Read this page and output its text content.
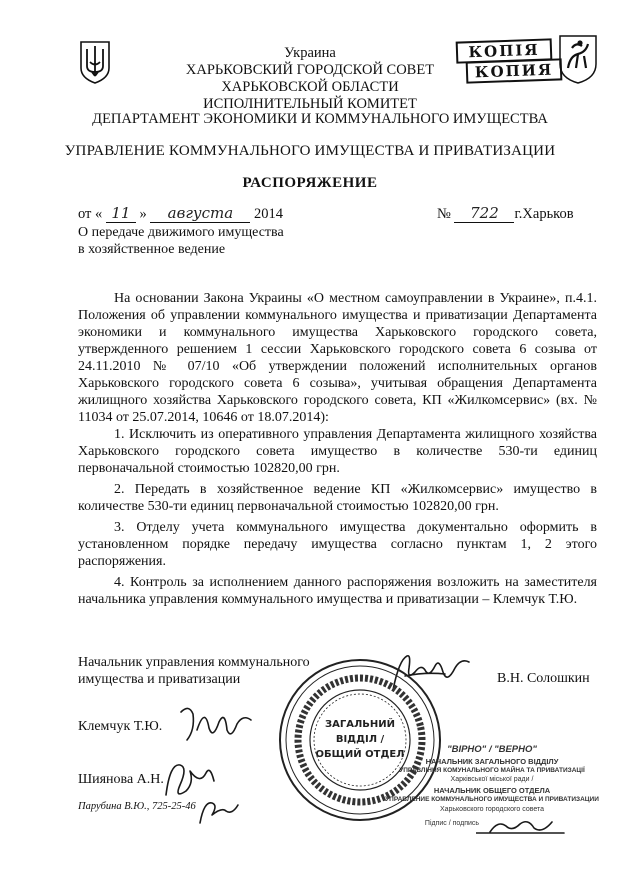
Украина
ХАРЬКОВСКИЙ ГОРОДСКОЙ СОВЕТ
ХАРЬКОВСКОЙ ОБЛАСТИ
ИСПОЛНИТЕЛЬНЫЙ КОМИТЕТ
ДЕПАРТАМЕНТ ЭКОНОМИКИ И КОММУНАЛЬНОГО ИМУЩЕСТВА
КОПІЯ
КОПИЯ
УПРАВЛЕНИЕ КОММУНАЛЬНОГО ИМУЩЕСТВА И ПРИВАТИЗАЦИИ
РАСПОРЯЖЕНИЕ
от « 11 » августа 2014	№ 722 г.Харьков
О передаче движимого имущества
в хозяйственное ведение

На основании Закона Украины «О местном самоуправлении в Украине», п.4.1. Положения об управлении коммунального имущества и приватизации Департамента экономики и коммунального имущества Харьковского городского совета, утвержденного решением 1 сессии Харьковского городского совета 6 созыва от 24.11.2010 № 07/10 «Об утверждении положений исполнительных органов Харьковского городского совета 6 созыва», учитывая обращения Департамента жилищного хозяйства Харьковского городского совета, КП «Жилкомсервис» (вх. № 11034 от 25.07.2014, 10646 от 18.07.2014):

1. Исключить из оперативного управления Департамента жилищного хозяйства Харьковского городского совета имущество в количестве 530-ти единиц первоначальной стоимостью 102820,00 грн.

2. Передать в хозяйственное ведение КП «Жилкомсервис» имущество в количестве 530-ти единиц первоначальной стоимостью 102820,00 грн.

3. Отделу учета коммунального имущества документально оформить в установленном порядке передачу имущества согласно пунктам 1, 2 этого распоряжения.

4. Контроль за исполнением данного распоряжения возложить на заместителя начальника управления коммунального имущества и приватизации – Клемчук Т.Ю.

Начальник управления коммунального
имущества и приватизации	В.Н. Солошкин
Клемчук Т.Ю.
Шиянова А.Н.
Парубина В.Ю., 725-25-46
ЗАГАЛЬНИЙ
ВІДДІЛ /
ОБЩИЙ ОТДЕЛ	"ВІРНО" / "ВЕРНО"
НАЧАЛЬНИК ЗАГАЛЬНОГО ВІДДІЛУ
УПРАВЛІННЯ КОМУНАЛЬНОГО МАЙНА ТА ПРИВАТИЗАЦІЇ
Харківської міської ради /
НАЧАЛЬНИК ОБЩЕГО ОТДЕЛА
УПРАВЛЕНИЕ КОММУНАЛЬНОГО ИМУЩЕСТВА И ПРИВАТИЗАЦИИ
Харьковского городского совета
Підпис / подпись
